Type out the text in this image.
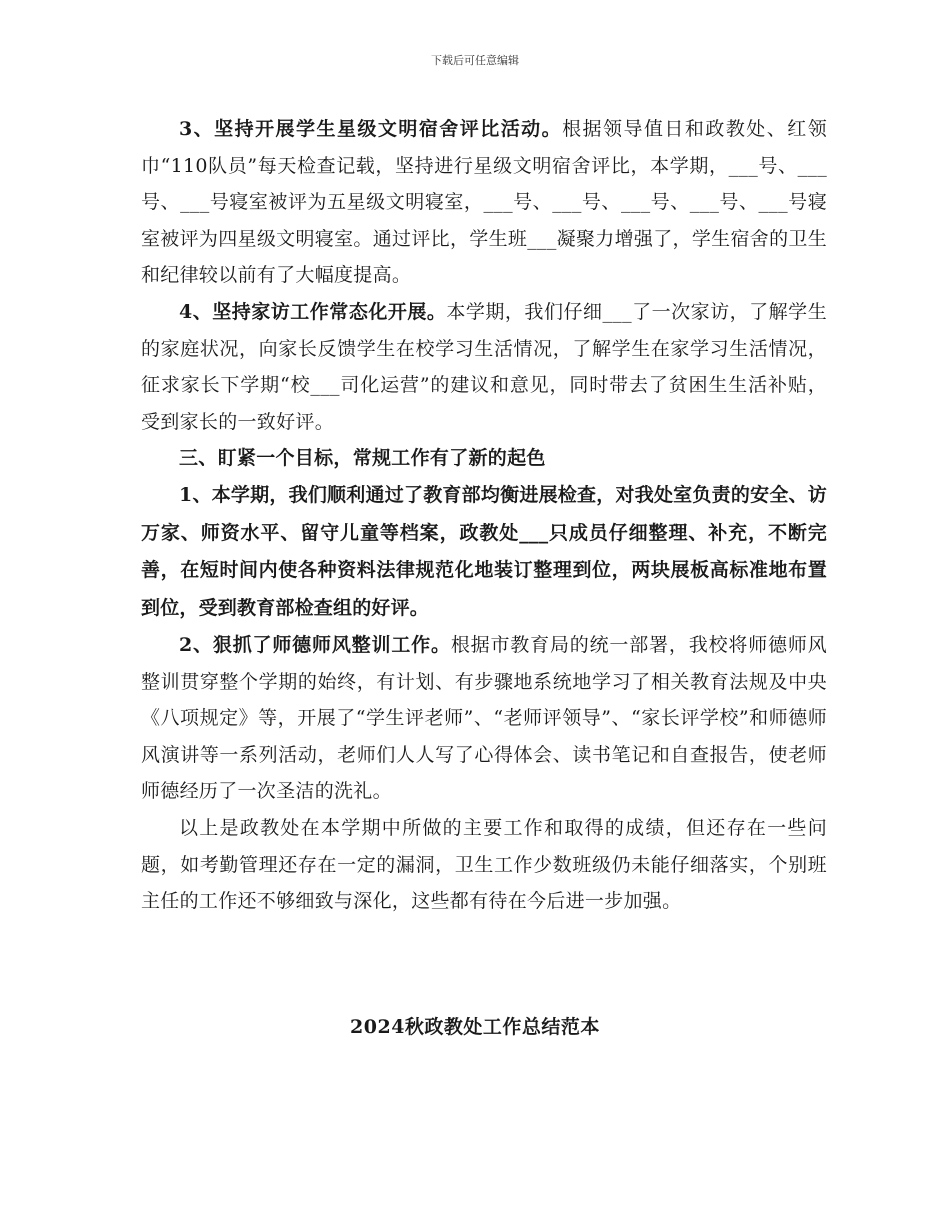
下载后可任意编辑

3、坚持开展学生星级文明宿舍评比活动。根据领导值日和政教处、红领巾“110队员”每天检查记载，坚持进行星级文明宿舍评比，本学期，___号、___号、___号寝室被评为五星级文明寝室，___号、___号、___号、___号、___号寝室被评为四星级文明寝室。通过评比，学生班___凝聚力增强了，学生宿舍的卫生和纪律较以前有了大幅度提高。

4、坚持家访工作常态化开展。本学期，我们仔细___了一次家访，了解学生的家庭状况，向家长反馈学生在校学习生活情况，了解学生在家学习生活情况，征求家长下学期“校___司化运营”的建议和意见，同时带去了贫困生生活补贴，受到家长的一致好评。

三、盯紧一个目标，常规工作有了新的起色

1、本学期，我们顺利通过了教育部均衡进展检查，对我处室负责的安全、访万家、师资水平、留守儿童等档案，政教处___只成员仔细整理、补充，不断完善，在短时间内使各种资料法律规范化地装订整理到位，两块展板高标准地布置到位，受到教育部检查组的好评。

2、狠抓了师德师风整训工作。根据市教育局的统一部署，我校将师德师风整训贯穿整个学期的始终，有计划、有步骤地系统地学习了相关教育法规及中央《八项规定》等，开展了“学生评老师”、“老师评领导”、“家长评学校”和师德师风演讲等一系列活动，老师们人人写了心得体会、读书笔记和自查报告，使老师师德经历了一次圣洁的洗礼。

以上是政教处在本学期中所做的主要工作和取得的成绩，但还存在一些问题，如考勤管理还存在一定的漏洞，卫生工作少数班级仍未能仔细落实，个别班主任的工作还不够细致与深化，这些都有待在今后进一步加强。

2024秋政教处工作总结范本
